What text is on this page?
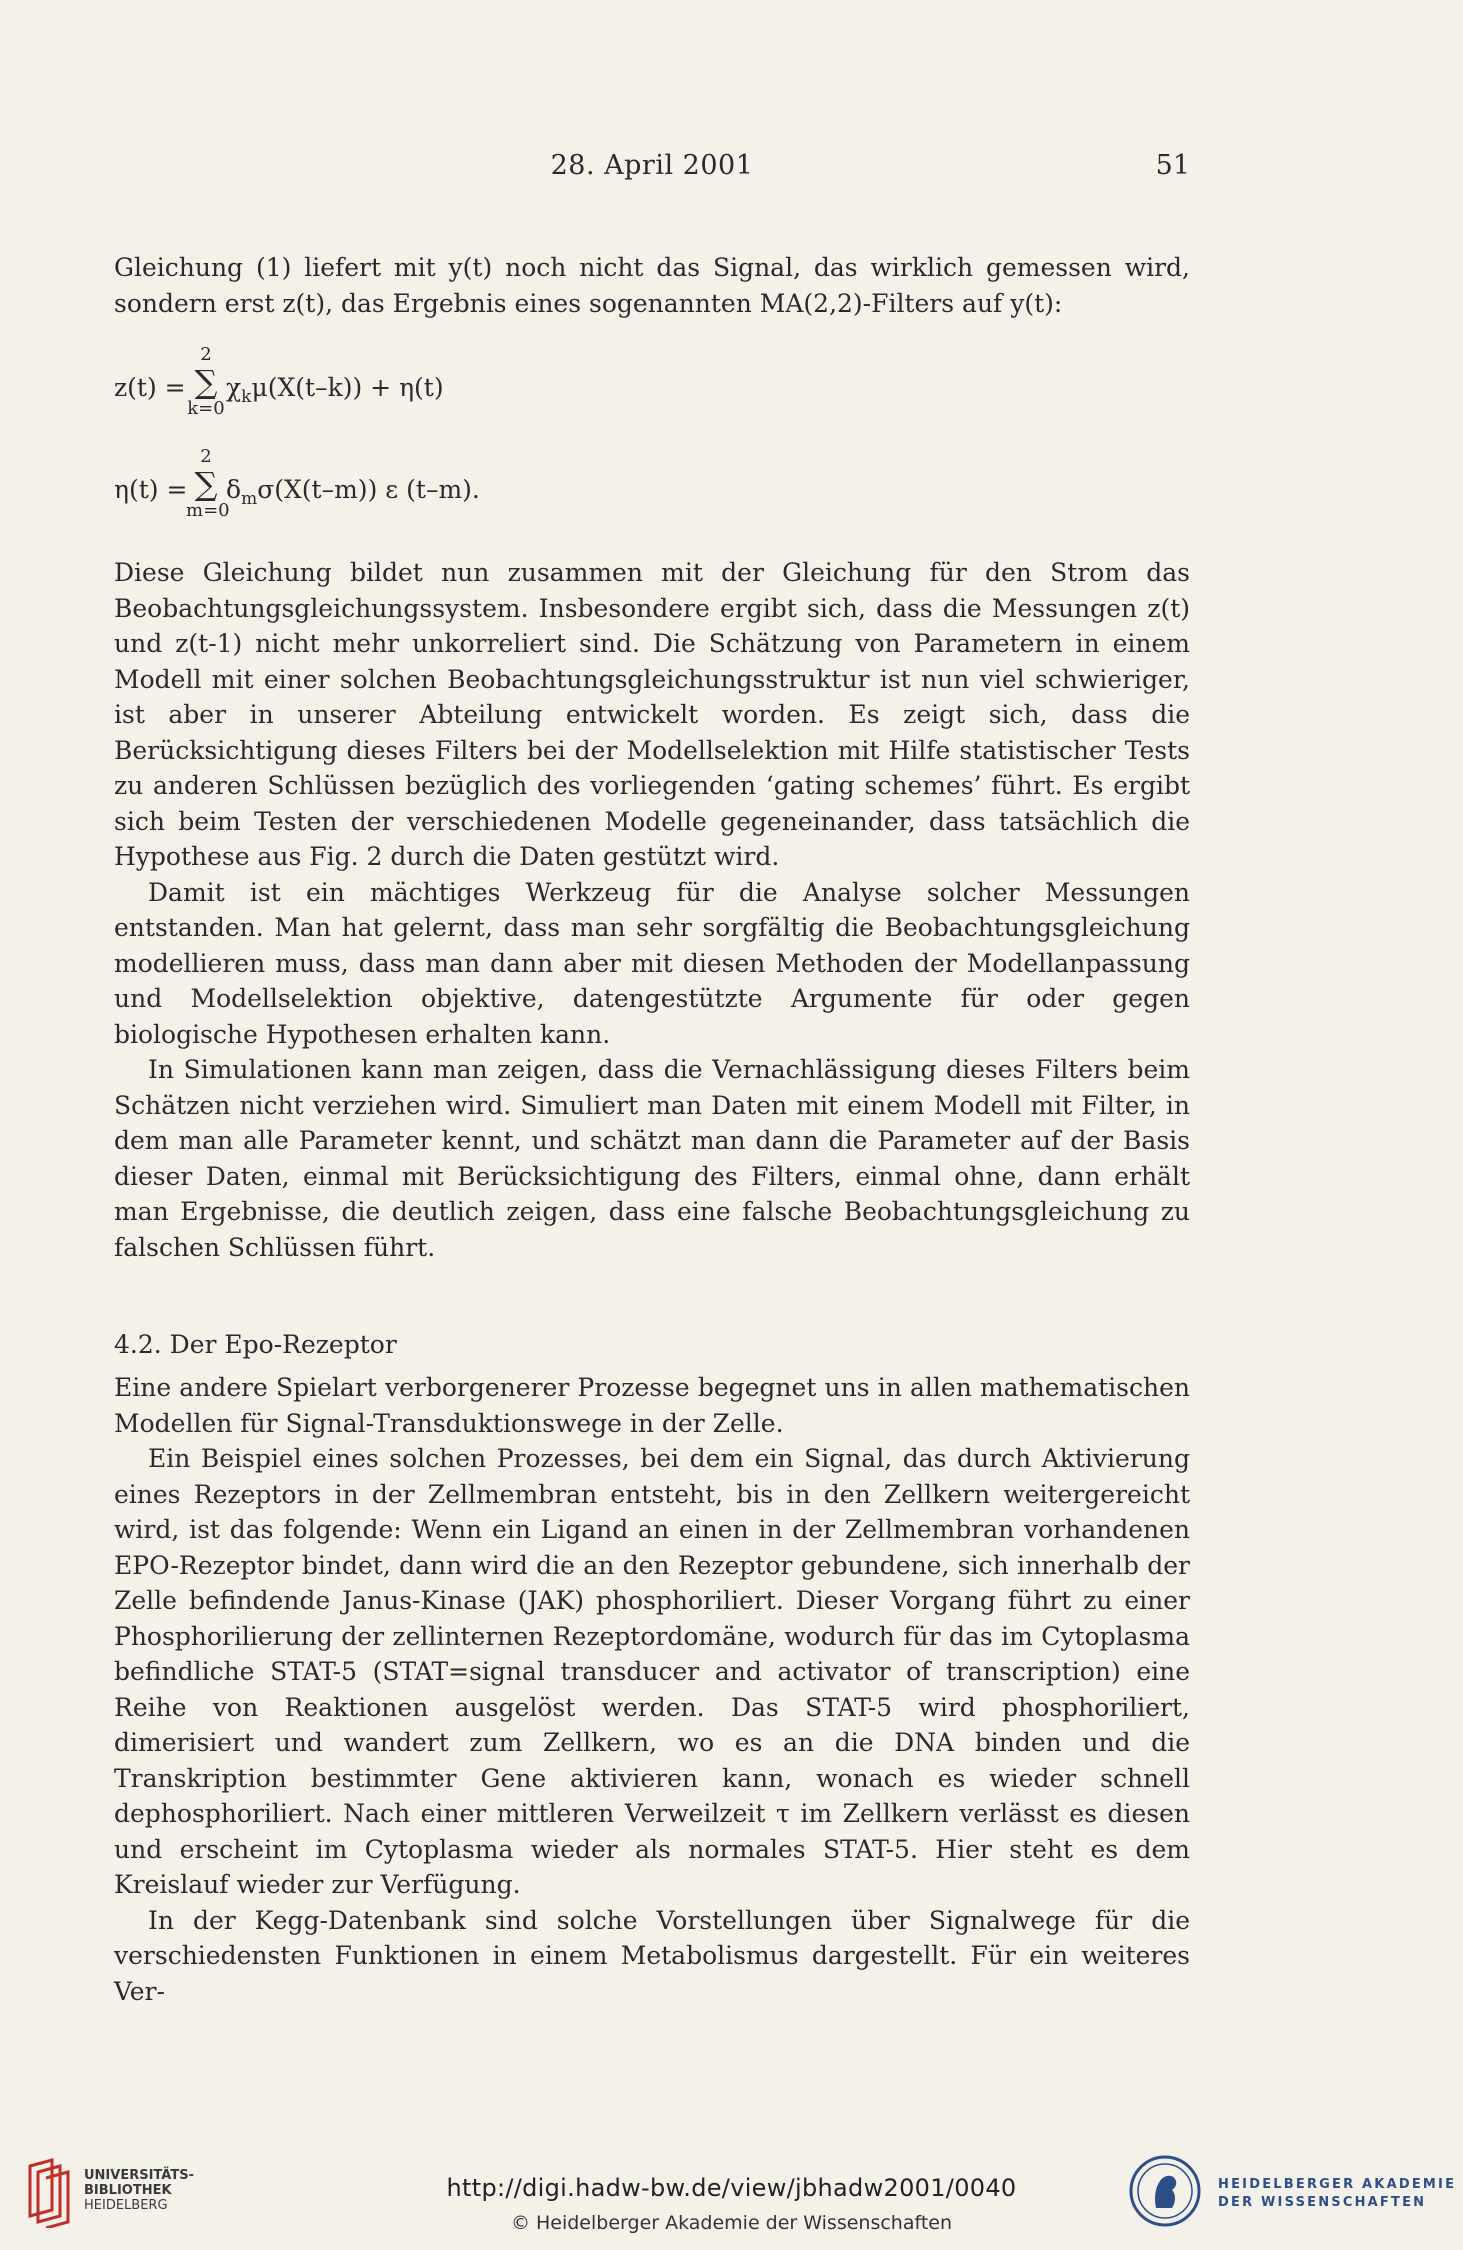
28. April 2001	51

Gleichung (1) liefert mit y(t) noch nicht das Signal, das wirklich gemessen wird, sondern erst z(t), das Ergebnis eines sogenannten MA(2,2)-Filters auf y(t):

z(t) =
2
∑
k=0
$\chi_k\mu(X(t-k)) + \eta(t)$
η(t) =
2
∑
m=0
$\delta_m\sigma(X(t-m))$ ε (t–m).

Diese Gleichung bildet nun zusammen mit der Gleichung für den Strom das Beobachtungsgleichungssystem. Insbesondere ergibt sich, dass die Messungen z(t) und z(t-1) nicht mehr unkorreliert sind. Die Schätzung von Parametern in einem Modell mit einer solchen Beobachtungsgleichungsstruktur ist nun viel schwieriger, ist aber in unserer Abteilung entwickelt worden. Es zeigt sich, dass die Berücksichtigung dieses Filters bei der Modellselektion mit Hilfe statistischer Tests zu anderen Schlüssen bezüglich des vorliegenden ‘gating schemes’ führt. Es ergibt sich beim Testen der verschiedenen Modelle gegeneinander, dass tatsächlich die Hypothese aus Fig. 2 durch die Daten gestützt wird.

Damit ist ein mächtiges Werkzeug für die Analyse solcher Messungen entstanden. Man hat gelernt, dass man sehr sorgfältig die Beobachtungsgleichung modellieren muss, dass man dann aber mit diesen Methoden der Modellanpassung und Modellselektion objektive, datengestützte Argumente für oder gegen biologische Hypothesen erhalten kann.

In Simulationen kann man zeigen, dass die Vernachlässigung dieses Filters beim Schätzen nicht verziehen wird. Simuliert man Daten mit einem Modell mit Filter, in dem man alle Parameter kennt, und schätzt man dann die Parameter auf der Basis dieser Daten, einmal mit Berücksichtigung des Filters, einmal ohne, dann erhält man Ergebnisse, die deutlich zeigen, dass eine falsche Beobachtungsgleichung zu falschen Schlüssen führt.

4.2. Der Epo-Rezeptor

Eine andere Spielart verborgenerer Prozesse begegnet uns in allen mathematischen Modellen für Signal-Transduktionswege in der Zelle.

Ein Beispiel eines solchen Prozesses, bei dem ein Signal, das durch Aktivierung eines Rezeptors in der Zellmembran entsteht, bis in den Zellkern weitergereicht wird, ist das folgende: Wenn ein Ligand an einen in der Zellmembran vorhandenen EPO-Rezeptor bindet, dann wird die an den Rezeptor gebundene, sich innerhalb der Zelle befindende Janus-Kinase (JAK) phosphoriliert. Dieser Vorgang führt zu einer Phosphorilierung der zellinternen Rezeptordomäne, wodurch für das im Cytoplasma befindliche STAT-5 (STAT=signal transducer and activator of transcription) eine Reihe von Reaktionen ausgelöst werden. Das STAT-5 wird phosphoriliert, dimerisiert und wandert zum Zellkern, wo es an die DNA binden und die Transkription bestimmter Gene aktivieren kann, wonach es wieder schnell dephosphoriliert. Nach einer mittleren Verweilzeit τ im Zellkern verlässt es diesen und erscheint im Cytoplasma wieder als normales STAT-5. Hier steht es dem Kreislauf wieder zur Verfügung.

In der Kegg-Datenbank sind solche Vorstellungen über Signalwege für die verschiedensten Funktionen in einem Metabolismus dargestellt. Für ein weiteres Ver-

UNIVERSITÄTS-
BIBLIOTHEK
HEIDELBERG
http://digi.hadw-bw.de/view/jbhadw2001/0040
© Heidelberger Akademie der Wissenschaften
HEIDELBERGER AKADEMIE
DER WISSENSCHAFTEN
